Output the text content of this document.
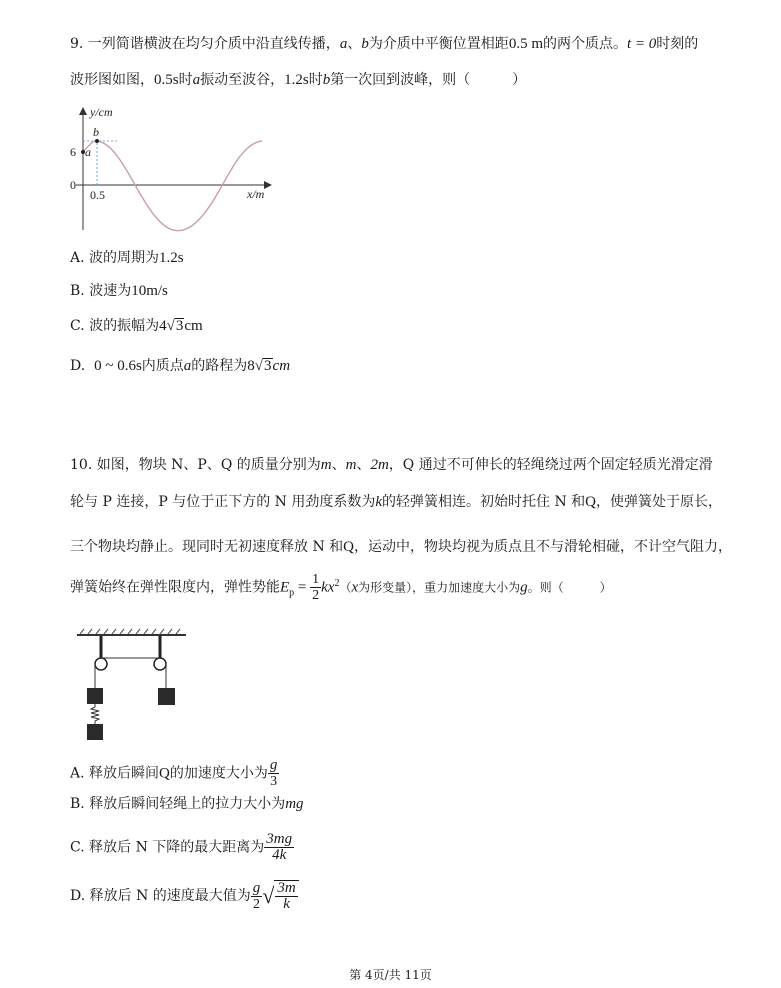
9. 一列简谐横波在均匀介质中沿直线传播，a、b为介质中平衡位置相距0.5 m的两个质点。t = 0时刻的
波形图如图，0.5s时a振动至波谷，1.2s时b第一次回到波峰，则（　　　）
y/cm
x/m
6
0
0.5
a
b
A. 波的周期为1.2s
B. 波速为10m/s
C. 波的振幅为4√3cm
D. 0 ~ 0.6s内质点a的路程为8√3cm
10. 如图，物块 N、P、Q 的质量分别为m、m、2m，Q 通过不可伸长的轻绳绕过两个固定轻质光滑定滑
轮与 P 连接，P 与位于正下方的 N 用劲度系数为k的轻弹簧相连。初始时托住 N 和Q，使弹簧处于原长，
三个物块均静止。现同时无初速度释放 N 和Q，运动中，物块均视为质点且不与滑轮相碰，不计空气阻力，
弹簧始终在弹性限度内，弹性势能$E_p = \frac{1}{2} kx^2(x$为形变量），重力加速度大小为g。则（　　　）
A. 释放后瞬间Q的加速度大小为 $\frac{g}{3}$
B. 释放后瞬间轻绳上的拉力大小为mg
C. 释放后 N 下降的最大距离为 $\frac{3mg}{4k}$
D. 释放后 N 的速度最大值为 $\frac{g}{2}$ √ $\frac{3m}{k}$
第 4页/共 11页
